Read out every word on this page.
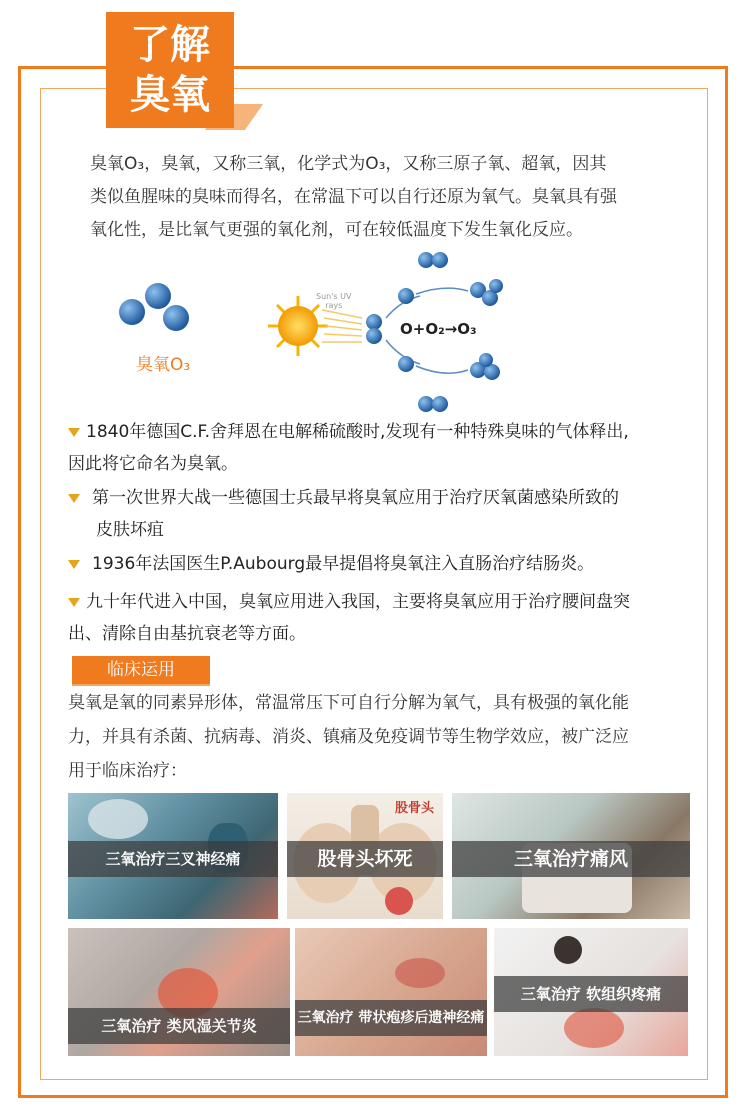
了解
臭氧
臭氧O₃，臭氧，又称三氧，化学式为O₃，又称三原子氧、超氧，因其
类似鱼腥味的臭味而得名，在常温下可以自行还原为氧气。臭氧具有强
氧化性，是比氧气更强的氧化剂，可在较低温度下发生氧化反应。
Sun's UV
rays
O+O₂→O₃
臭氧O₃
1840年德国C.F.舍拜恩在电解稀硫酸时,发现有一种特殊臭味的气体释出,
因此将它命名为臭氧。
第一次世界大战一些德国士兵最早将臭氧应用于治疗厌氧菌感染所致的
皮肤坏疽
1936年法国医生P.Aubourg最早提倡将臭氧注入直肠治疗结肠炎。
九十年代进入中国，臭氧应用进入我国，主要将臭氧应用于治疗腰间盘突
出、清除自由基抗衰老等方面。
临床运用
臭氧是氧的同素异形体，常温常压下可自行分解为氧气，具有极强的氧化能
力，并具有杀菌、抗病毒、消炎、镇痛及免疫调节等生物学效应，被广泛应
用于临床治疗：
三氧治疗三叉神经痛
股骨头
股骨头坏死	三氧治疗痛风
三氧治疗 类风湿关节炎	三氧治疗 带状疱疹后遗神经痛
三氧治疗 软组织疼痛
